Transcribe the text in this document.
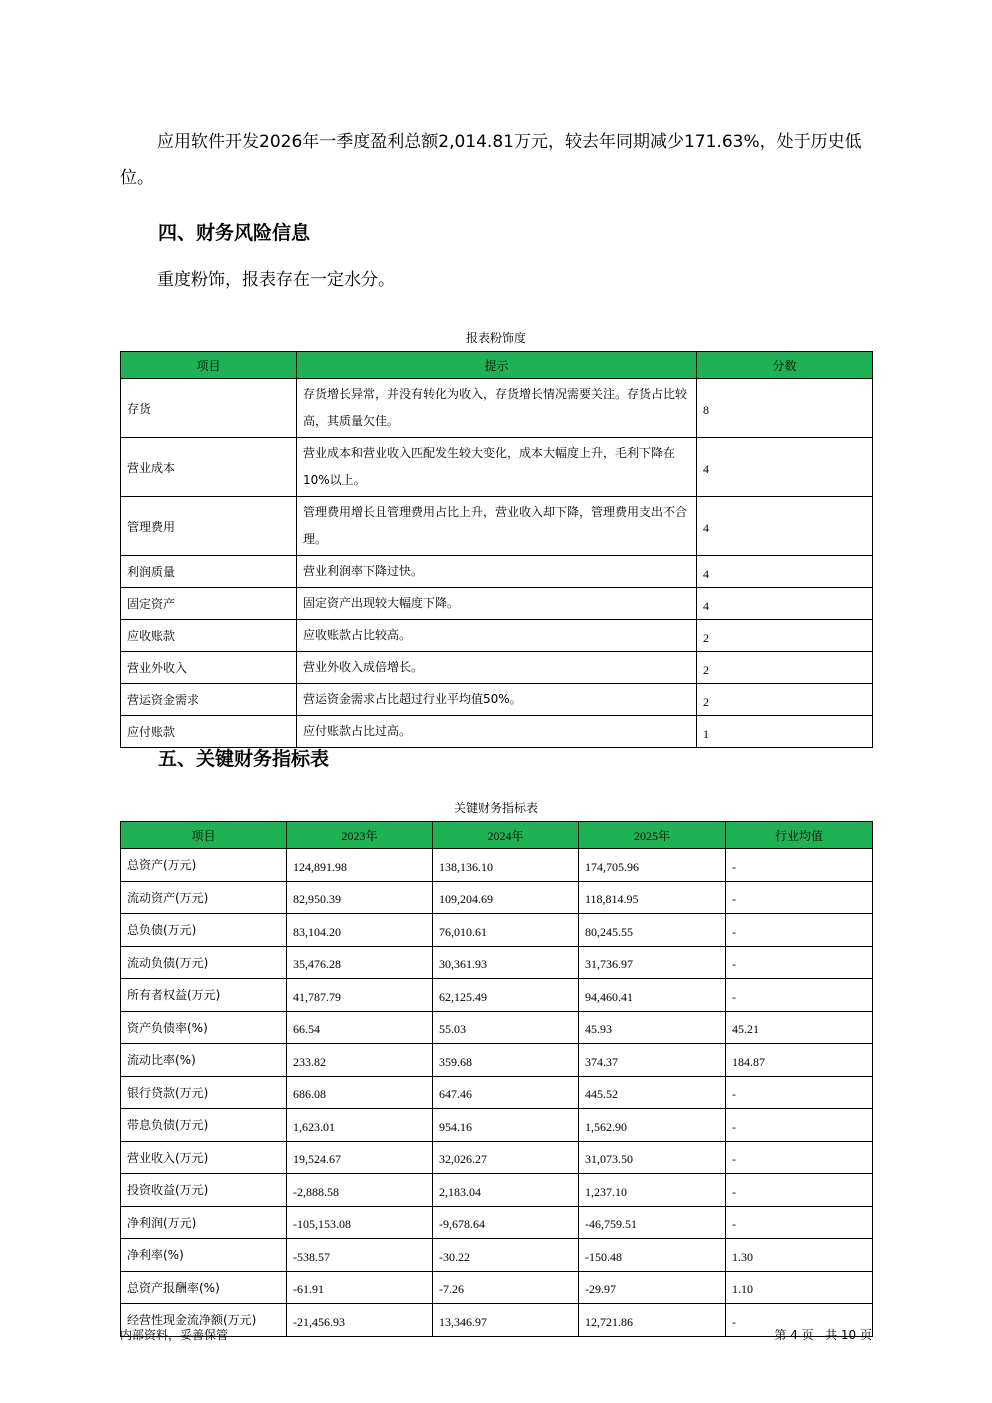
应用软件开发2026年一季度盈利总额2,014.81万元，较去年同期减少171.63%，处于历史低位。

四、财务风险信息

重度粉饰，报表存在一定水分。

报表粉饰度
项目	提示	分数
存货	存货增长异常，并没有转化为收入，存货增长情况需要关注。存货占比较高，其质量欠佳。	8
营业成本	营业成本和营业收入匹配发生较大变化，成本大幅度上升，毛利下降在10%以上。	4
管理费用	管理费用增长且管理费用占比上升，营业收入却下降，管理费用支出不合理。	4
利润质量	营业利润率下降过快。	4
固定资产	固定资产出现较大幅度下降。	4
应收账款	应收账款占比较高。	2
营业外收入	营业外收入成倍增长。	2
营运资金需求	营运资金需求占比超过行业平均值50%。	2
应付账款	应付账款占比过高。	1
五、关键财务指标表
关键财务指标表
项目	2023年	2024年	2025年	行业均值
总资产(万元)	124,891.98	138,136.10	174,705.96	-
流动资产(万元)	82,950.39	109,204.69	118,814.95	-
总负债(万元)	83,104.20	76,010.61	80,245.55	-
流动负债(万元)	35,476.28	30,361.93	31,736.97	-
所有者权益(万元)	41,787.79	62,125.49	94,460.41	-
资产负债率(%)	66.54	55.03	45.93	45.21
流动比率(%)	233.82	359.68	374.37	184.87
银行贷款(万元)	686.08	647.46	445.52	-
带息负债(万元)	1,623.01	954.16	1,562.90	-
营业收入(万元)	19,524.67	32,026.27	31,073.50	-
投资收益(万元)	-2,888.58	2,183.04	1,237.10	-
净利润(万元)	-105,153.08	-9,678.64	-46,759.51	-
净利率(%)	-538.57	-30.22	-150.48	1.30
总资产报酬率(%)	-61.91	-7.26	-29.97	1.10
经营性现金流净额(万元)	-21,456.93	13,346.97	12,721.86	-
内部资料，妥善保管	第 4 页   共 10 页
